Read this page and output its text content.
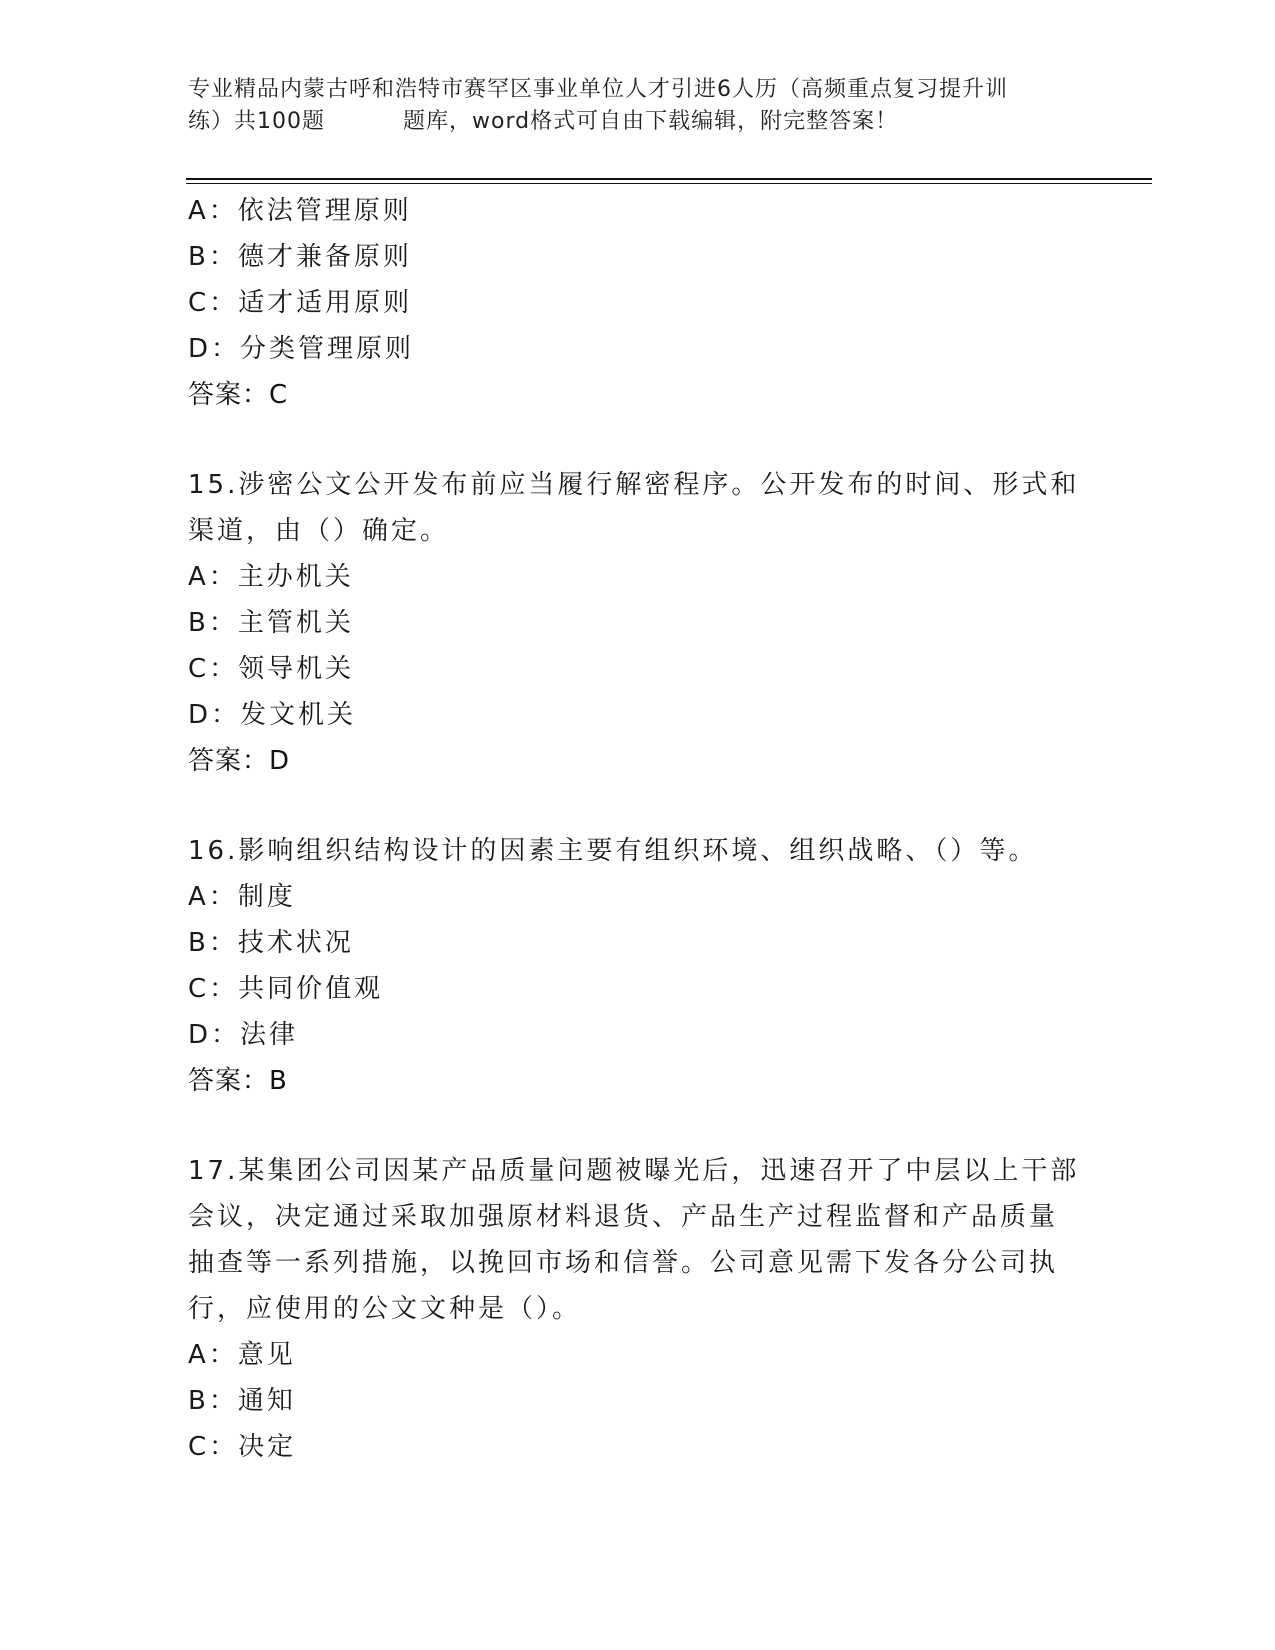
专业精品内蒙古呼和浩特市赛罕区事业单位人才引进6人历（高频重点复习提升训
练）共100题	题库，word格式可自由下载编辑，附完整答案！
A：依法管理原则
B：德才兼备原则
C：适才适用原则
D：分类管理原则
答案：C
15.涉密公文公开发布前应当履行解密程序。公开发布的时间、形式和
渠道，由（）确定。
A：主办机关
B：主管机关
C：领导机关
D：发文机关
答案：D
16.影响组织结构设计的因素主要有组织环境、组织战略、（）等。
A：制度
B：技术状况
C：共同价值观
D：法律
答案：B
17.某集团公司因某产品质量问题被曝光后，迅速召开了中层以上干部
会议，决定通过采取加强原材料退货、产品生产过程监督和产品质量
抽查等一系列措施，以挽回市场和信誉。公司意见需下发各分公司执
行，应使用的公文文种是（）。
A：意见
B：通知
C：决定
